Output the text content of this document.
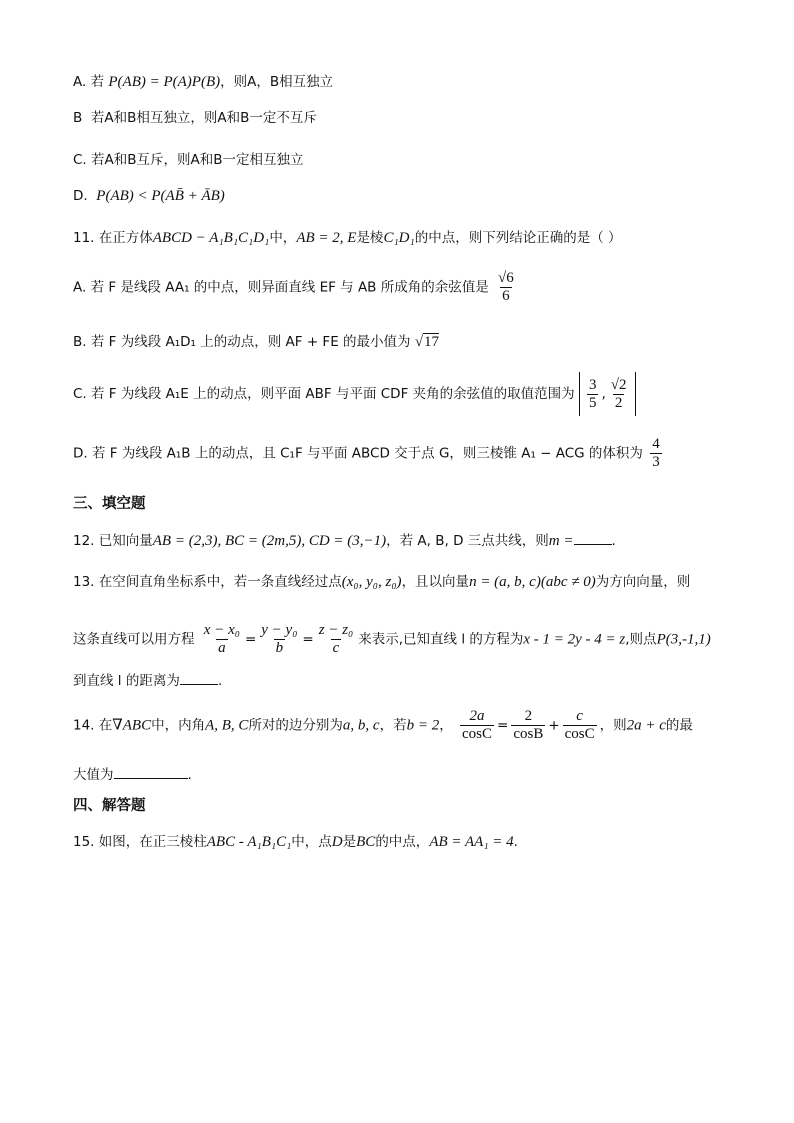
A. 若 P(AB) = P(A)P(B)，则A，B相互独立
B 若A和B相互独立，则A和B一定不互斥
C. 若A和B互斥，则A和B一定相互独立
D. P(AB) < P(AB̄ + ĀB)
11. 在正方体ABCD − A₁B₁C₁D₁中，AB = 2, E是棱C₁D₁的中点，则下列结论正确的是（ ）
A. 若 F 是线段 AA₁ 的中点，则异面直线 EF 与 AB 所成角的余弦值是 $\frac{√6}{6}$
B. 若 F 为线段 A₁D₁ 上的动点，则 AF + FE 的最小值为 √17
C. 若 F 为线段 A₁E 上的动点，则平面 ABF 与平面 CDF 夹角的余弦值的取值范围为 $\frac{3}{5}$ , $\frac{√2}{2}$
D. 若 F 为线段 A₁B 上的动点，且 C₁F 与平面 ABCD 交于点 G，则三棱锥 A₁ − ACG 的体积为 $\frac{4}{3}$
三、填空题
12. 已知向量AB = (2,3), BC = (2m,5), CD = (3,−1)，若 A, B, D 三点共线，则m =	.
13. 在空间直角坐标系中，若一条直线经过点(x₀, y₀, z₀)，且以向量n = (a, b, c)(abc ≠ 0)为方向向量，则
这条直线可以用方程 $\frac{\text{x − x₀}}{a} = \frac{\text{y − y₀}}{b} = \frac{\text{z − z₀}}{c}$ 来表示,已知直线 l 的方程为x - 1 = 2y - 4 = z,则点P(3,-1,1)
到直线 l 的距离为	.
14. 在∇ABC中，内角A, B, C所对的边分别为a, b, c，若b = 2， $\frac{2a}{\cos C} = \frac{2}{\cos B} + \frac{c}{\cos C}$ ，则2a + c的最
大值为	.
四、解答题
15. 如图，在正三棱柱ABC - A₁B₁C₁中，点D是BC的中点，AB = AA₁ = 4.
